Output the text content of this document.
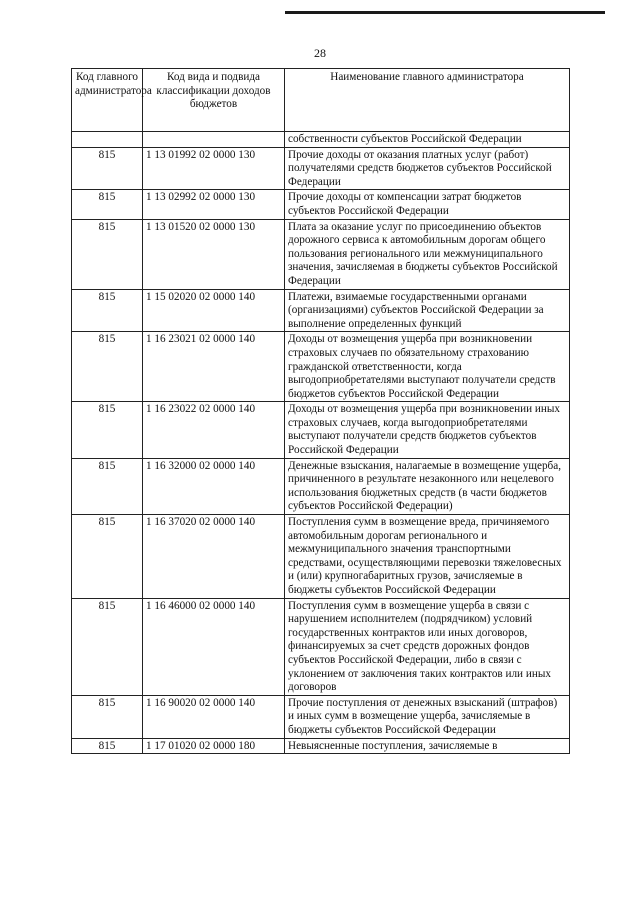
28
Код главного администратора	Код вида и подвида классификации доходов бюджетов	Наименование главного администратора
		собственности субъектов Российской Федерации
815	1 13 01992 02 0000 130	Прочие доходы от оказания платных услуг (работ) получателями средств бюджетов субъектов Российской Федерации
815	1 13 02992 02 0000 130	Прочие доходы от компенсации затрат бюджетов субъектов Российской Федерации
815	1 13 01520 02 0000 130	Плата за оказание услуг по присоединению объектов дорожного сервиса к автомобильным дорогам общего пользования регионального или межмуниципального значения, зачисляемая в бюджеты субъектов Российской Федерации
815	1 15 02020 02 0000 140	Платежи, взимаемые государственными органами (организациями) субъектов Российской Федерации за выполнение определенных функций
815	1 16 23021 02 0000 140	Доходы от возмещения ущерба при возникновении страховых случаев по обязательному страхованию гражданской ответственности, когда выгодоприобретателями выступают получатели средств бюджетов субъектов Российской Федерации
815	1 16 23022 02 0000 140	Доходы от возмещения ущерба при возникновении иных страховых случаев, когда выгодоприобретателями выступают получатели средств бюджетов субъектов Российской Федерации
815	1 16 32000 02 0000 140	Денежные взыскания, налагаемые в возмещение ущерба, причиненного в результате незаконного или нецелевого использования бюджетных средств (в части бюджетов субъектов Российской Федерации)
815	1 16 37020 02 0000 140	Поступления сумм в возмещение вреда, причиняемого автомобильным дорогам регионального и межмуниципального значения транспортными средствами, осуществляющими перевозки тяжеловесных и (или) крупногабаритных грузов, зачисляемые в бюджеты субъектов Российской Федерации
815	1 16 46000 02 0000 140	Поступления сумм в возмещение ущерба в связи с нарушением исполнителем (подрядчиком) условий государственных контрактов или иных договоров, финансируемых за счет средств дорожных фондов субъектов Российской Федерации, либо в связи с уклонением от заключения таких контрактов или иных договоров
815	1 16 90020 02 0000 140	Прочие поступления от денежных взысканий (штрафов) и иных сумм в возмещение ущерба, зачисляемые в бюджеты субъектов Российской Федерации
815	1 17 01020 02 0000 180	Невыясненные поступления, зачисляемые в
